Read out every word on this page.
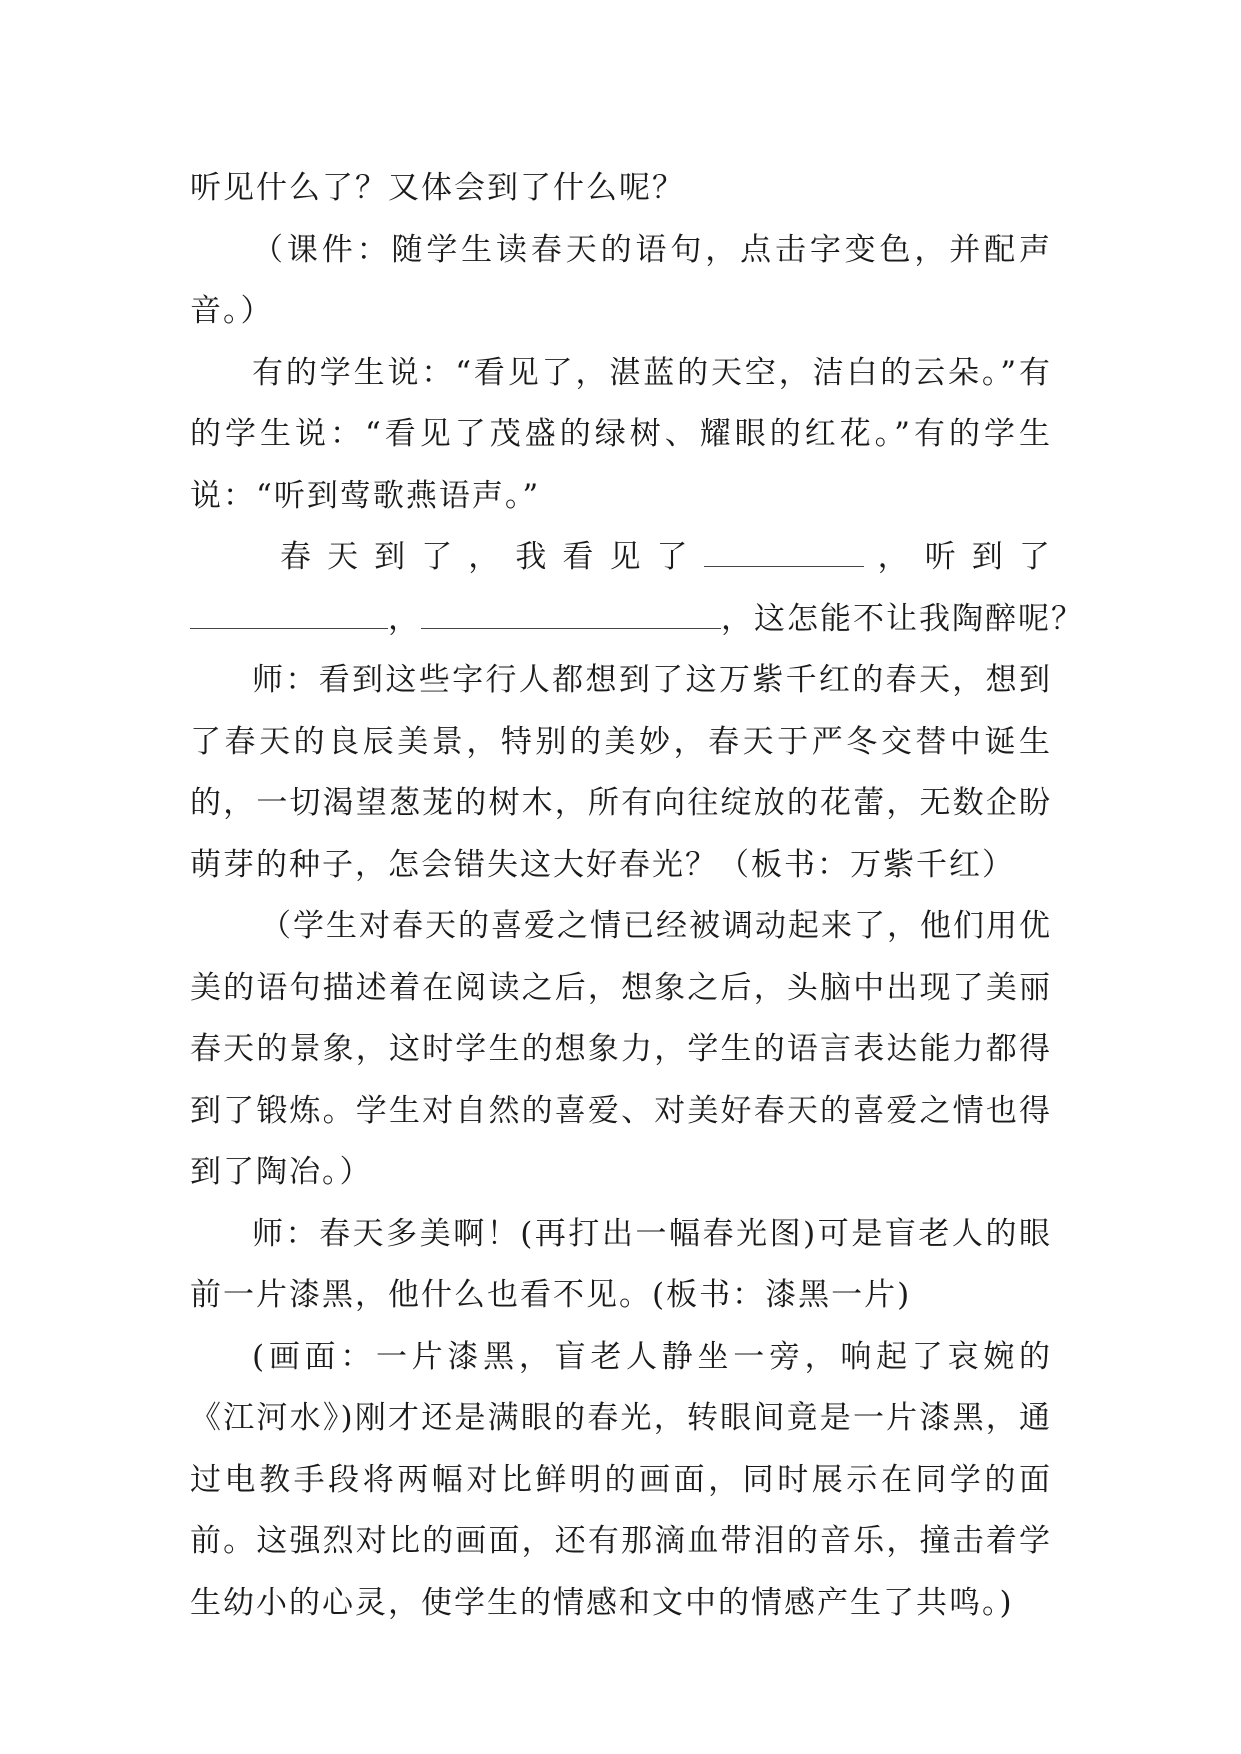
听见什么了？又体会到了什么呢？

（课件：随学生读春天的语句，点击字变色，并配声音。）

有的学生说：“看见了，湛蓝的天空，洁白的云朵。”有的学生说：“看见了茂盛的绿树、耀眼的红花。”有的学生说：“听到莺歌燕语声。”

春 天 到 了 ， 我 看 见 了	， 听 到 了
，	，这怎能不让我陶醉呢？

师：看到这些字行人都想到了这万紫千红的春天，想到了春天的良辰美景，特别的美妙，春天于严冬交替中诞生的，一切渴望葱茏的树木，所有向往绽放的花蕾，无数企盼萌芽的种子，怎会错失这大好春光？（板书：万紫千红）

（学生对春天的喜爱之情已经被调动起来了，他们用优美的语句描述着在阅读之后，想象之后，头脑中出现了美丽春天的景象，这时学生的想象力，学生的语言表达能力都得到了锻炼。学生对自然的喜爱、对美好春天的喜爱之情也得到了陶冶。）

师：春天多美啊！(再打出一幅春光图)可是盲老人的眼前一片漆黑，他什么也看不见。(板书：漆黑一片)

(画面：一片漆黑，盲老人静坐一旁，响起了哀婉的《江河水》)刚才还是满眼的春光，转眼间竟是一片漆黑，通过电教手段将两幅对比鲜明的画面，同时展示在同学的面前。这强烈对比的画面，还有那滴血带泪的音乐，撞击着学生幼小的心灵，使学生的情感和文中的情感产生了共鸣。)
